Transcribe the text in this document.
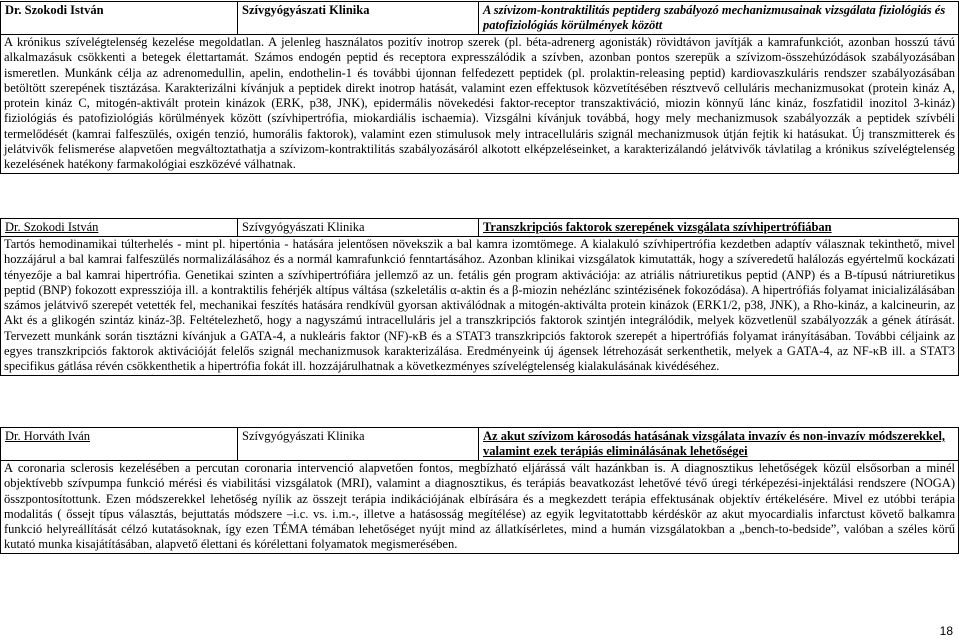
Dr. Szokodi István	Szívgyógyászati Klinika	A szívizom-kontraktilitás peptiderg szabályozó mechanizmusainak vizsgálata fiziológiás és patofiziológiás körülmények között
A krónikus szívelégtelenség kezelése megoldatlan. A jelenleg használatos pozitív inotrop szerek (pl. béta-adrenerg agonisták) rövidtávon javítják a kamrafunkciót, azonban hosszú távú alkalmazásuk csökkenti a betegek élettartamát. Számos endogén peptid és receptora expresszálódik a szívben, azonban pontos szerepük a szívizom-összehúzódások szabályozásában ismeretlen. Munkánk célja az adrenomedullin, apelin, endothelin-1 és további újonnan felfedezett peptidek (pl. prolaktin-releasing peptid) kardiovaszkuláris rendszer szabályozásában betöltött szerepének tisztázása. Karakterizálni kívánjuk a peptidek direkt inotrop hatását, valamint ezen effektusok közvetítésében résztvevő celluláris mechanizmusokat (protein kináz A, protein kináz C, mitogén-aktivált protein kinázok (ERK, p38, JNK), epidermális növekedési faktor-receptor transzaktiváció, miozin könnyű lánc kináz, foszfatidil inozitol 3-kináz) fiziológiás és patofiziológiás körülmények között (szívhipertrófia, miokardiális ischaemia). Vizsgálni kívánjuk továbbá, hogy mely mechanizmusok szabályozzák a peptidek szívbéli termelődését (kamrai falfeszülés, oxigén tenzió, humorális faktorok), valamint ezen stimulusok mely intracelluláris szignál mechanizmusok útján fejtik ki hatásukat. Új transzmitterek és jelátvivők felismerése alapvetően megváltoztathatja a szívizom-kontraktilitás szabályozásáról alkotott elképzeléseinket, a karakterizálandó jelátvivők távlatilag a krónikus szívelégtelenség kezelésének hatékony farmakológiai eszközévé válhatnak.
Dr. Szokodi István	Szívgyógyászati Klinika	Transzkripciós faktorok szerepének vizsgálata szívhipertrófiában
Tartós hemodinamikai túlterhelés - mint pl. hipertónia - hatására jelentősen növekszik a bal kamra izomtömege. A kialakuló szívhipertrófia kezdetben adaptív válasznak tekinthető, mivel hozzájárul a bal kamrai falfeszülés normalizálásához és a normál kamrafunkció fenntartásához. Azonban klinikai vizsgálatok kimutatták, hogy a szíveredetű halálozás egyértelmű kockázati tényezője a bal kamrai hipertrófia. Genetikai szinten a szívhipertrófiára jellemző az un. fetális gén program aktivációja: az atriális nátriuretikus peptid (ANP) és a B-típusú nátriuretikus peptid (BNP) fokozott expressziója ill. a kontraktilis fehérjék altípus váltása (szkeletális α-aktin és a β-miozin nehézlánc szintézisének fokozódása). A hipertrófiás folyamat inicializálásában számos jelátvivő szerepét vetették fel, mechanikai feszítés hatására rendkívül gyorsan aktiválódnak a mitogén-aktiválta protein kinázok (ERK1/2, p38, JNK), a Rho-kináz, a kalcineurin, az Akt és a glikogén szintáz kináz-3β. Feltételezhető, hogy a nagyszámú intracelluláris jel a transzkripciós faktorok szintjén integrálódik, melyek közvetlenül szabályozzák a gének átírását. Tervezett munkánk során tisztázni kívánjuk a GATA-4, a nukleáris faktor (NF)-κB és a STAT3 transzkripciós faktorok szerepét a hipertrófiás folyamat irányításában. További céljaink az egyes transzkripciós faktorok aktivációját felelős szignál mechanizmusok karakterizálása. Eredményeink új ágensek létrehozását serkenthetik, melyek a GATA-4, az NF-κB ill. a STAT3 specifikus gátlása révén csökkenthetik a hipertrófia fokát ill. hozzájárulhatnak a következményes szívelégtelenség kialakulásának kivédéséhez.
Dr. Horváth Iván	Szívgyógyászati Klinika	Az akut szívizom károsodás hatásának vizsgálata invazív és non-invazív módszerekkel, valamint ezek terápiás eliminálásának lehetőségei
A coronaria sclerosis kezelésében a percutan coronaria intervenció alapvetően fontos, megbízható eljárássá vált hazánkban is. A diagnosztikus lehetőségek közül elsősorban a minél objektívebb szívpumpa funkció mérési és viabilitási vizsgálatok (MRI), valamint a diagnosztikus, és terápiás beavatkozást lehetővé tévő úregi térképezési-injektálási rendszere (NOGA) összpontosítottunk. Ezen módszerekkel lehetőség nyílik az összejt terápia indikációjának elbírására és a megkezdett terápia effektusának objektív értékelésére. Mivel ez utóbbi terápia modalitás ( őssejt típus választás, bejuttatás módszere –i.c. vs. i.m.-, illetve a hatásosság megítélése) az egyik legvitatottabb kérdéskör az akut myocardialis infarctust követő balkamra funkció helyreállítását célzó kutatásoknak, így ezen TÉMA témában lehetőséget nyújt mind az állatkísérletes, mind a humán vizsgálatokban a „bench-to-bedside”, valóban a széles körű kutató munka kisajátításában, alapvető élettani és kórélettani folyamatok megismerésében.
18
